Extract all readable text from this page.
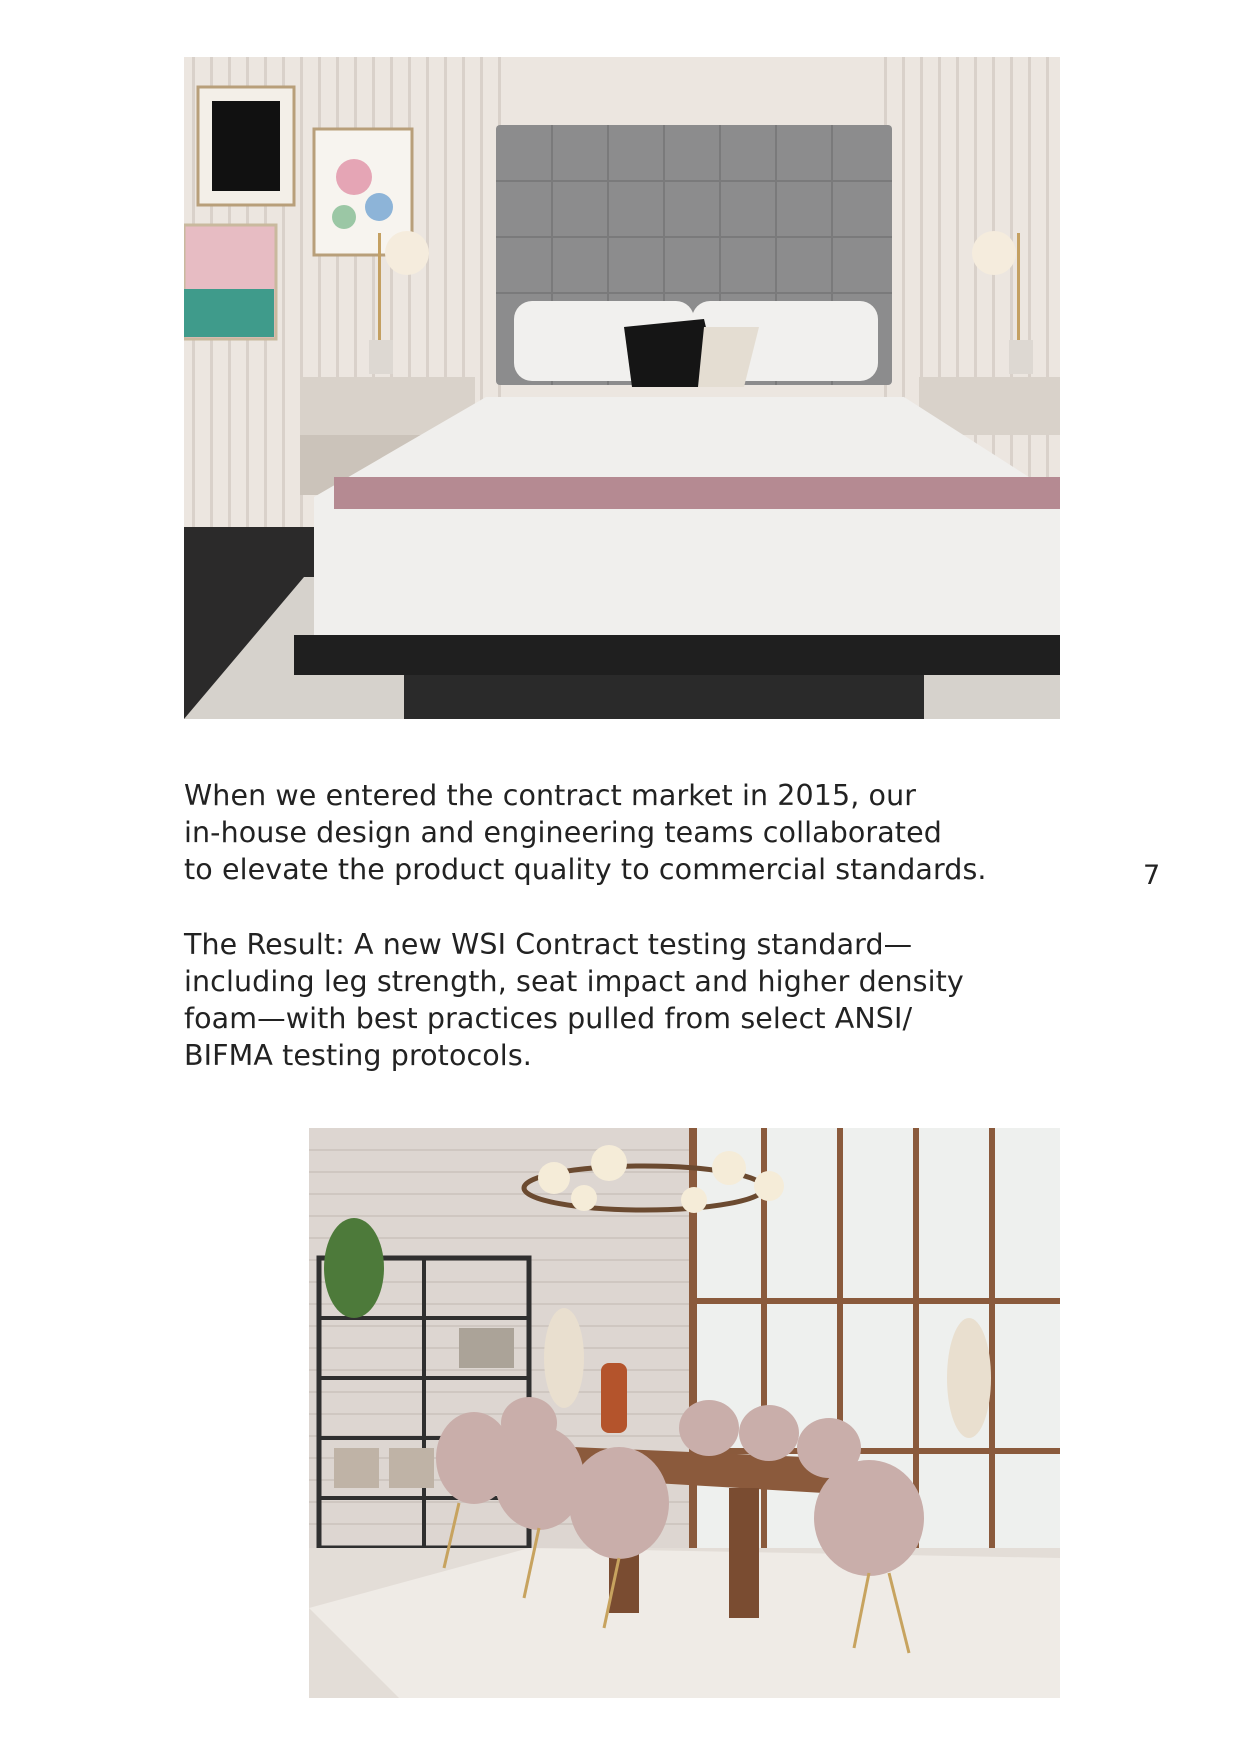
When we entered the contract market in 2015, our
in-house design and engineering teams collaborated
to elevate the product quality to commercial standards.	7
The Result: A new WSI Contract testing standard—
including leg strength, seat impact and higher density
foam—with best practices pulled from select ANSI/
BIFMA testing protocols.
